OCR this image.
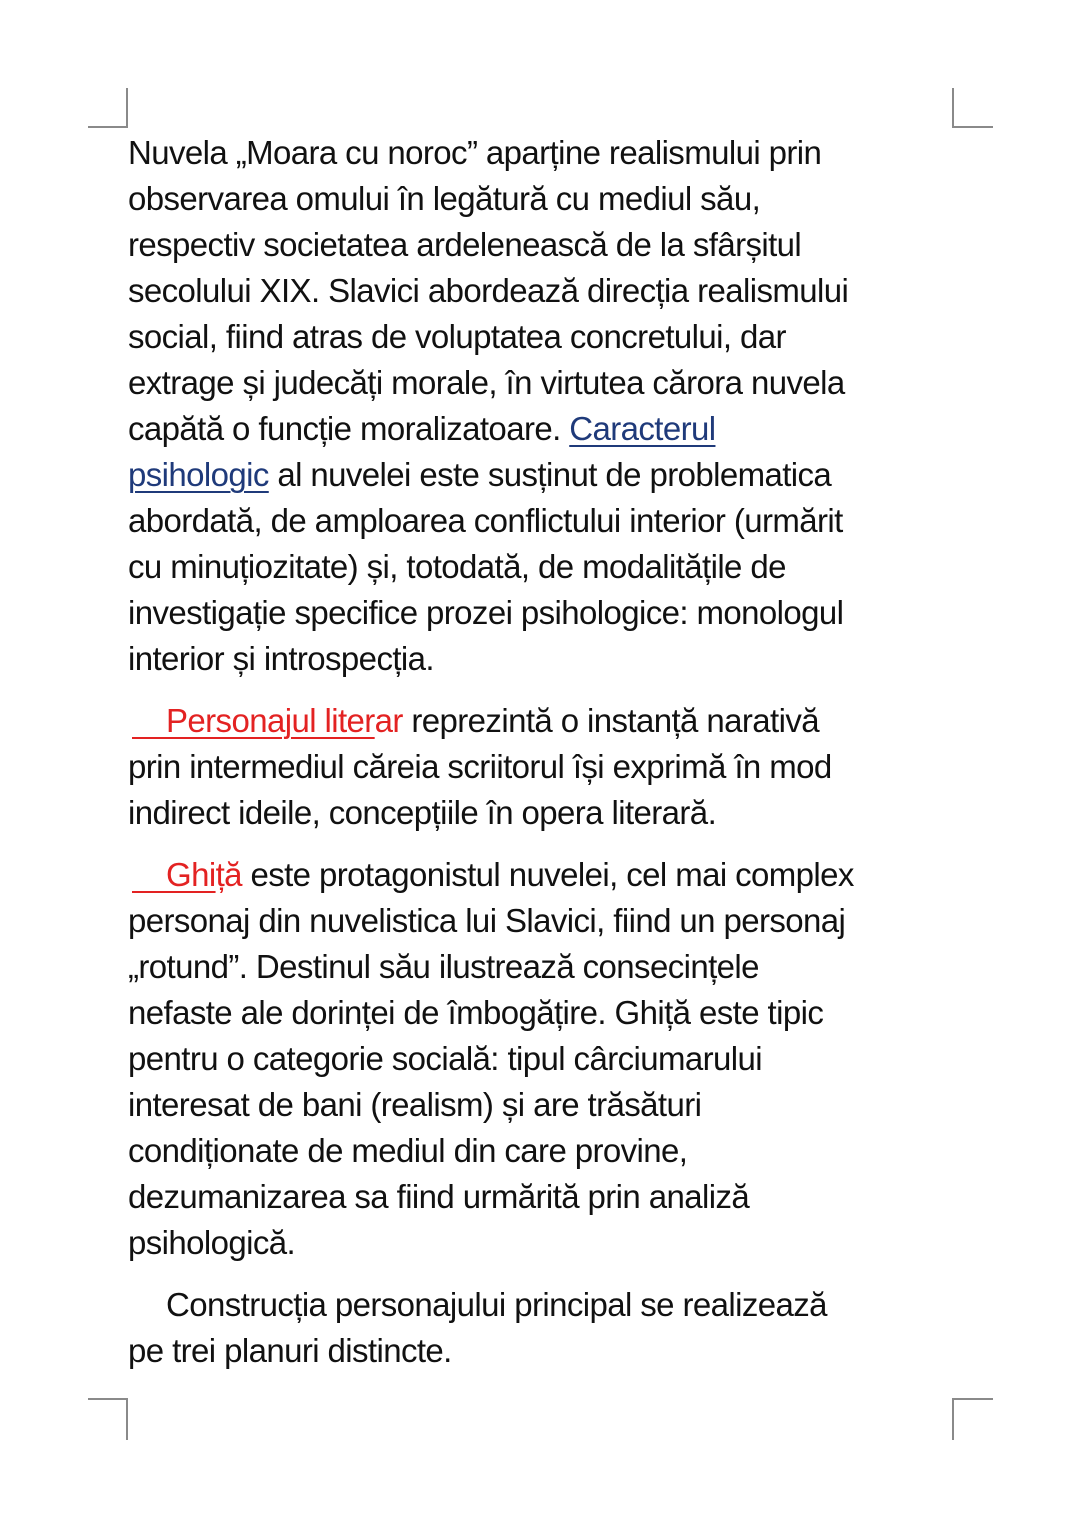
Nuvela „Moara cu noroc” aparține realismului prin
observarea omului în legătură cu mediul său,
respectiv societatea ardelenească de la sfârșitul
secolului XIX. Slavici abordează direcția realismului
social, fiind atras de voluptatea concretului, dar
extrage și judecăți morale, în virtutea cărora nuvela
capătă o funcție moralizatoare. Caracterul
psihologic al nuvelei este susținut de problematica
abordată, de amploarea conflictului interior (urmărit
cu minuțiozitate) și, totodată, de modalitățile de
investigație specifice prozei psihologice: monologul
interior și introspecția.
Personajul literar reprezintă o instanță narativă
prin intermediul căreia scriitorul își exprimă în mod
indirect ideile, concepțiile în opera literară.
Ghiță este protagonistul nuvelei, cel mai complex
personaj din nuvelistica lui Slavici, fiind un personaj
„rotund”. Destinul său ilustrează consecințele
nefaste ale dorinței de îmbogățire. Ghiță este tipic
pentru o categorie socială: tipul cârciumarului
interesat de bani (realism) și are trăsături
condiționate de mediul din care provine,
dezumanizarea sa fiind urmărită prin analiză
psihologică.
Construcția personajului principal se realizează
pe trei planuri distincte.
